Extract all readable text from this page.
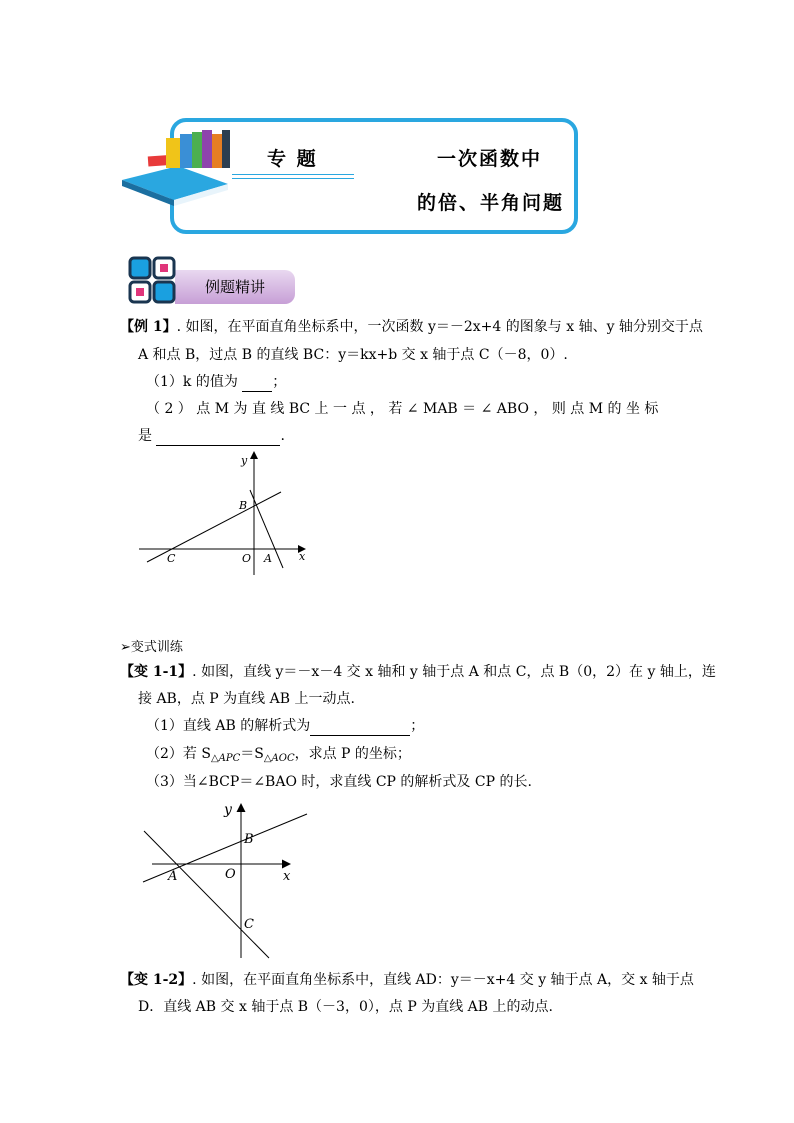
专 题	一次函数中
的倍、半角问题
例题精讲
【例 1】. 如图，在平面直角坐标系中，一次函数 y＝－2x+4 的图象与 x 轴、y 轴分别交于点
A 和点 B，过点 B 的直线 BC：y＝kx+b 交 x 轴于点 C（－8，0）.
（1）k 的值为 ；
（ 2 ） 点 M 为 直 线 BC 上 一 点 ， 若 ∠ MAB ＝ ∠ ABO ， 则 点 M 的 坐 标
是	.
y
B
C	O A x
➢变式训练
【变 1-1】. 如图，直线 y＝－x－4 交 x 轴和 y 轴于点 A 和点 C，点 B（0，2）在 y 轴上，连
接 AB，点 P 为直线 AB 上一动点.
（1）直线 AB 的解析式为	；
（2）若 $S_{\triangle APC}=S_{\triangle AOC}$，求点 P 的坐标；
（3）当∠BCP＝∠BAO 时，求直线 CP 的解析式及 CP 的长.
y
B
A	O	x
C
【变 1-2】. 如图，在平面直角坐标系中，直线 AD：y＝－x+4 交 y 轴于点 A，交 x 轴于点
D．直线 AB 交 x 轴于点 B（－3，0），点 P 为直线 AB 上的动点.
